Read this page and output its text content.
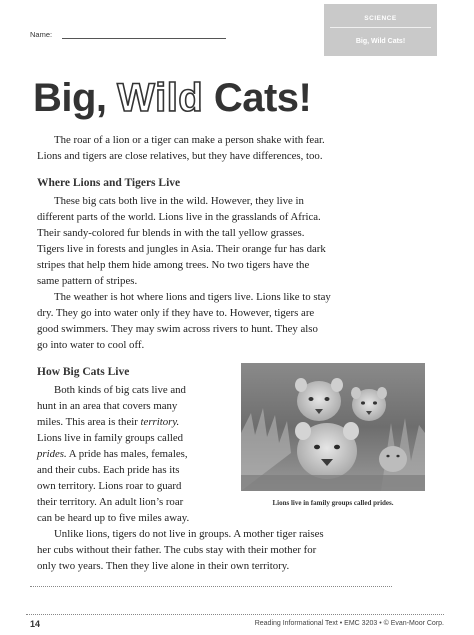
Name:
SCIENCE
Big, Wild Cats!
Big, Wild Cats!
The roar of a lion or a tiger can make a person shake with fear.
Lions and tigers are close relatives, but they have differences, too.
Where Lions and Tigers Live
These big cats both live in the wild. However, they live in
different parts of the world. Lions live in the grasslands of Africa.
Their sandy-colored fur blends in with the tall yellow grasses.
Tigers live in forests and jungles in Asia. Their orange fur has dark
stripes that help them hide among trees. No two tigers have the
same pattern of stripes.
The weather is hot where lions and tigers live. Lions like to stay
dry. They go into water only if they have to. However, tigers are
good swimmers. They may swim across rivers to hunt. They also
go into water to cool off.
How Big Cats Live
Both kinds of big cats live and
hunt in an area that covers many
miles. This area is their territory.
Lions live in family groups called
prides. A pride has males, females,
and their cubs. Each pride has its
own territory. Lions roar to guard
their territory. An adult lion’s roar
can be heard up to five miles away.
Unlike lions, tigers do not live in groups. A mother tiger raises
her cubs without their father. The cubs stay with their mother for
only two years. Then they live alone in their own territory.
Lions live in family groups called prides.
14	Reading Informational Text • EMC 3203 • © Evan-Moor Corp.
